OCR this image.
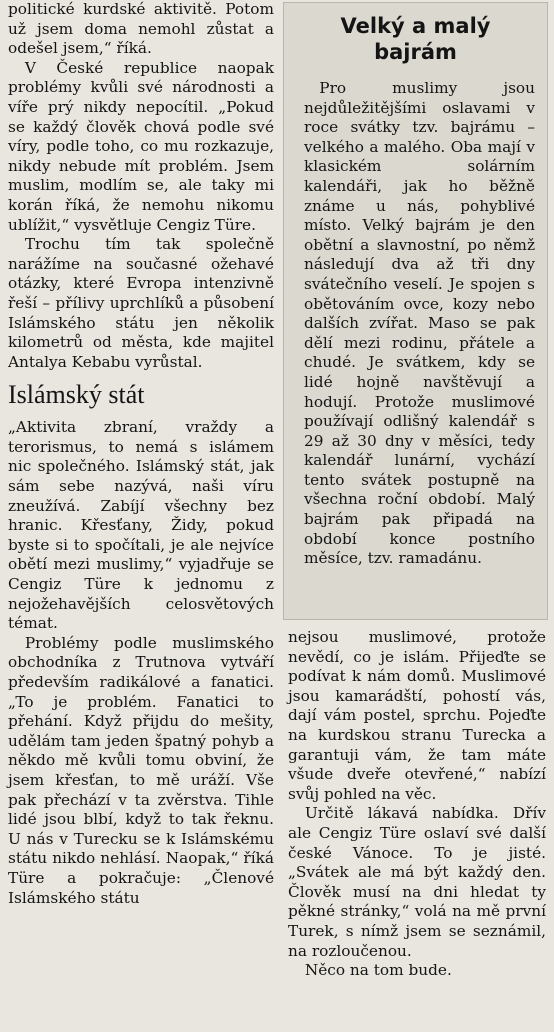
politické kurdské aktivitě. Potom už jsem doma nemohl zůstat a odešel jsem,“ říká.

V České republice naopak problémy kvůli své národnosti a víře prý nikdy nepocítil. „Pokud se každý člověk chová podle své víry, podle toho, co mu rozkazuje, nikdy nebude mít problém. Jsem muslim, modlím se, ale taky mi korán říká, že nemohu nikomu ublížit,“ vysvětluje Cengiz Türe.

Trochu tím tak společně narážíme na současné ožehavé otázky, které Evropa intenzivně řeší – přílivy uprchlíků a působení Islámského státu jen několik kilometrů od města, kde majitel Antalya Kebabu vyrůstal.

Islámský stát

„Aktivita zbraní, vraždy a terorismus, to nemá s islámem nic společného. Islámský stát, jak sám sebe nazývá, naši víru zneužívá. Zabíjí všechny bez hranic. Křesťany, Židy, pokud byste si to spočítali, je ale nejvíce obětí mezi muslimy,“ vyjadřuje se Cengiz Türe k jednomu z nejožehavějších celosvětových témat.

Problémy podle muslimského obchodníka z Trutnova vytváří především radikálové a fanatici. „To je problém. Fanatici to přehání. Když přijdu do mešity, udělám tam jeden špatný pohyb a někdo mě kvůli tomu obviní, že jsem křesťan, to mě uráží. Vše pak přechází v ta zvěrstva. Tihle lidé jsou blbí, když to tak řeknu. U nás v Turecku se k Islámskému státu nikdo nehlásí. Naopak,“ říká Türe a pokračuje: „Členové Islámského státu

Velký a malý bajrám

Pro muslimy jsou nejdůležitějšími oslavami v roce svátky tzv. bajrámu – velkého a malého. Oba mají v klasickém solárním kalendáři, jak ho běžně známe u nás, pohyblivé místo. Velký bajrám je den obětní a slavnostní, po němž následují dva až tři dny svátečního veselí. Je spojen s obětováním ovce, kozy nebo dalších zvířat. Maso se pak dělí mezi rodinu, přátele a chudé. Je svátkem, kdy se lidé hojně navštěvují a hodují. Protože muslimové používají odlišný kalendář s 29 až 30 dny v měsíci, tedy kalendář lunární, vychází tento svátek postupně na všechna roční období. Malý bajrám pak připadá na období konce postního měsíce, tzv. ramadánu.

nejsou muslimové, protože nevědí, co je islám. Přijeďte se podívat k nám domů. Muslimové jsou kamarádští, pohostí vás, dají vám postel, sprchu. Pojeďte na kurdskou stranu Turecka a garantuji vám, že tam máte všude dveře otevřené,“ nabízí svůj pohled na věc.

Určitě lákavá nabídka. Dřív ale Cengiz Türe oslaví své další české Vánoce. To je jisté. „Svátek ale má být každý den. Člověk musí na dni hledat ty pěkné stránky,“ volá na mě první Turek, s nímž jsem se seznámil, na rozloučenou.

Něco na tom bude.
